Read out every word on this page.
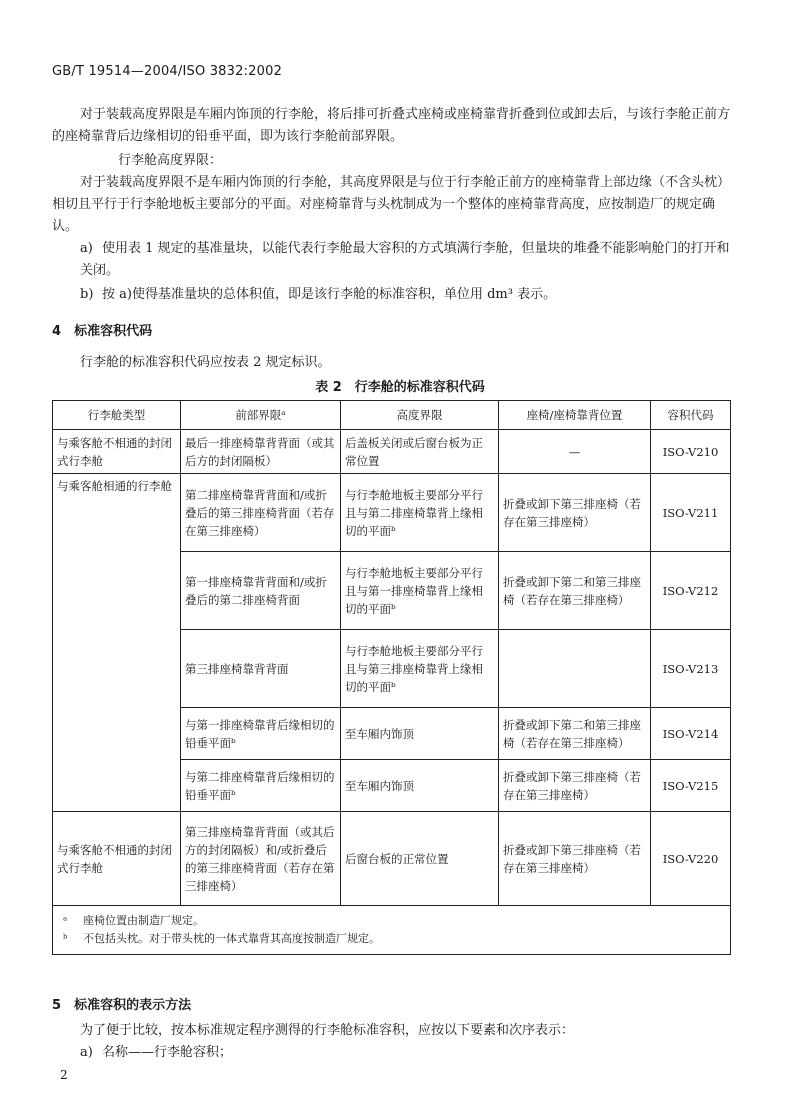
GB/T 19514—2004/ISO 3832:2002
对于装载高度界限是车厢内饰顶的行李舱，将后排可折叠式座椅或座椅靠背折叠到位或卸去后，与该行李舱正前方的座椅靠背后边缘相切的铅垂平面，即为该行李舱前部界限。
行李舱高度界限：
对于装载高度界限不是车厢内饰顶的行李舱，其高度界限是与位于行李舱正前方的座椅靠背上部边缘（不含头枕）相切且平行于行李舱地板主要部分的平面。对座椅靠背与头枕制成为一个整体的座椅靠背高度，应按制造厂的规定确认。
a) 使用表 1 规定的基准量块，以能代表行李舱最大容积的方式填满行李舱，但量块的堆叠不能影响舱门的打开和关闭。
b) 按 a)使得基准量块的总体积值，即是该行李舱的标准容积，单位用 dm³ 表示。
4　 标准容积代码
行李舱的标准容积代码应按表 2 规定标识。
表 2　行李舱的标准容积代码
行李舱类型	前部界限ᵃ	高度界限	座椅/座椅靠背位置	容积代码
与乘客舱不相通的封闭式行李舱	最后一排座椅靠背背面（或其后方的封闭隔板）	后盖板关闭或后窗台板为正常位置	—	ISO-V210
与乘客舱相通的行李舱	第二排座椅靠背背面和/或折叠后的第三排座椅背面（若存在第三排座椅）	与行李舱地板主要部分平行且与第二排座椅靠背上缘相切的平面ᵇ	折叠或卸下第三排座椅（若存在第三排座椅）	ISO-V211
	第一排座椅靠背背面和/或折叠后的第二排座椅背面	与行李舱地板主要部分平行且与第一排座椅靠背上缘相切的平面ᵇ	折叠或卸下第二和第三排座椅（若存在第三排座椅）	ISO-V212
	第三排座椅靠背背面	与行李舱地板主要部分平行且与第三排座椅靠背上缘相切的平面ᵇ		ISO-V213
	与第一排座椅靠背后缘相切的铅垂平面ᵇ	至车厢内饰顶	折叠或卸下第二和第三排座椅（若存在第三排座椅）	ISO-V214
	与第二排座椅靠背后缘相切的铅垂平面ᵇ	至车厢内饰顶	折叠或卸下第三排座椅（若存在第三排座椅）	ISO-V215
与乘客舱不相通的封闭式行李舱	第三排座椅靠背背面（或其后方的封闭隔板）和/或折叠后的第三排座椅背面（若存在第三排座椅）	后窗台板的正常位置	折叠或卸下第三排座椅（若存在第三排座椅）	ISO-V220

ᵃ 座椅位置由制造厂规定。
ᵇ 不包括头枕。对于带头枕的一体式靠背其高度按制造厂规定。				
5　 标准容积的表示方法
为了便于比较，按本标准规定程序测得的行李舱标准容积，应按以下要素和次序表示：
a) 名称——行李舱容积；
2
